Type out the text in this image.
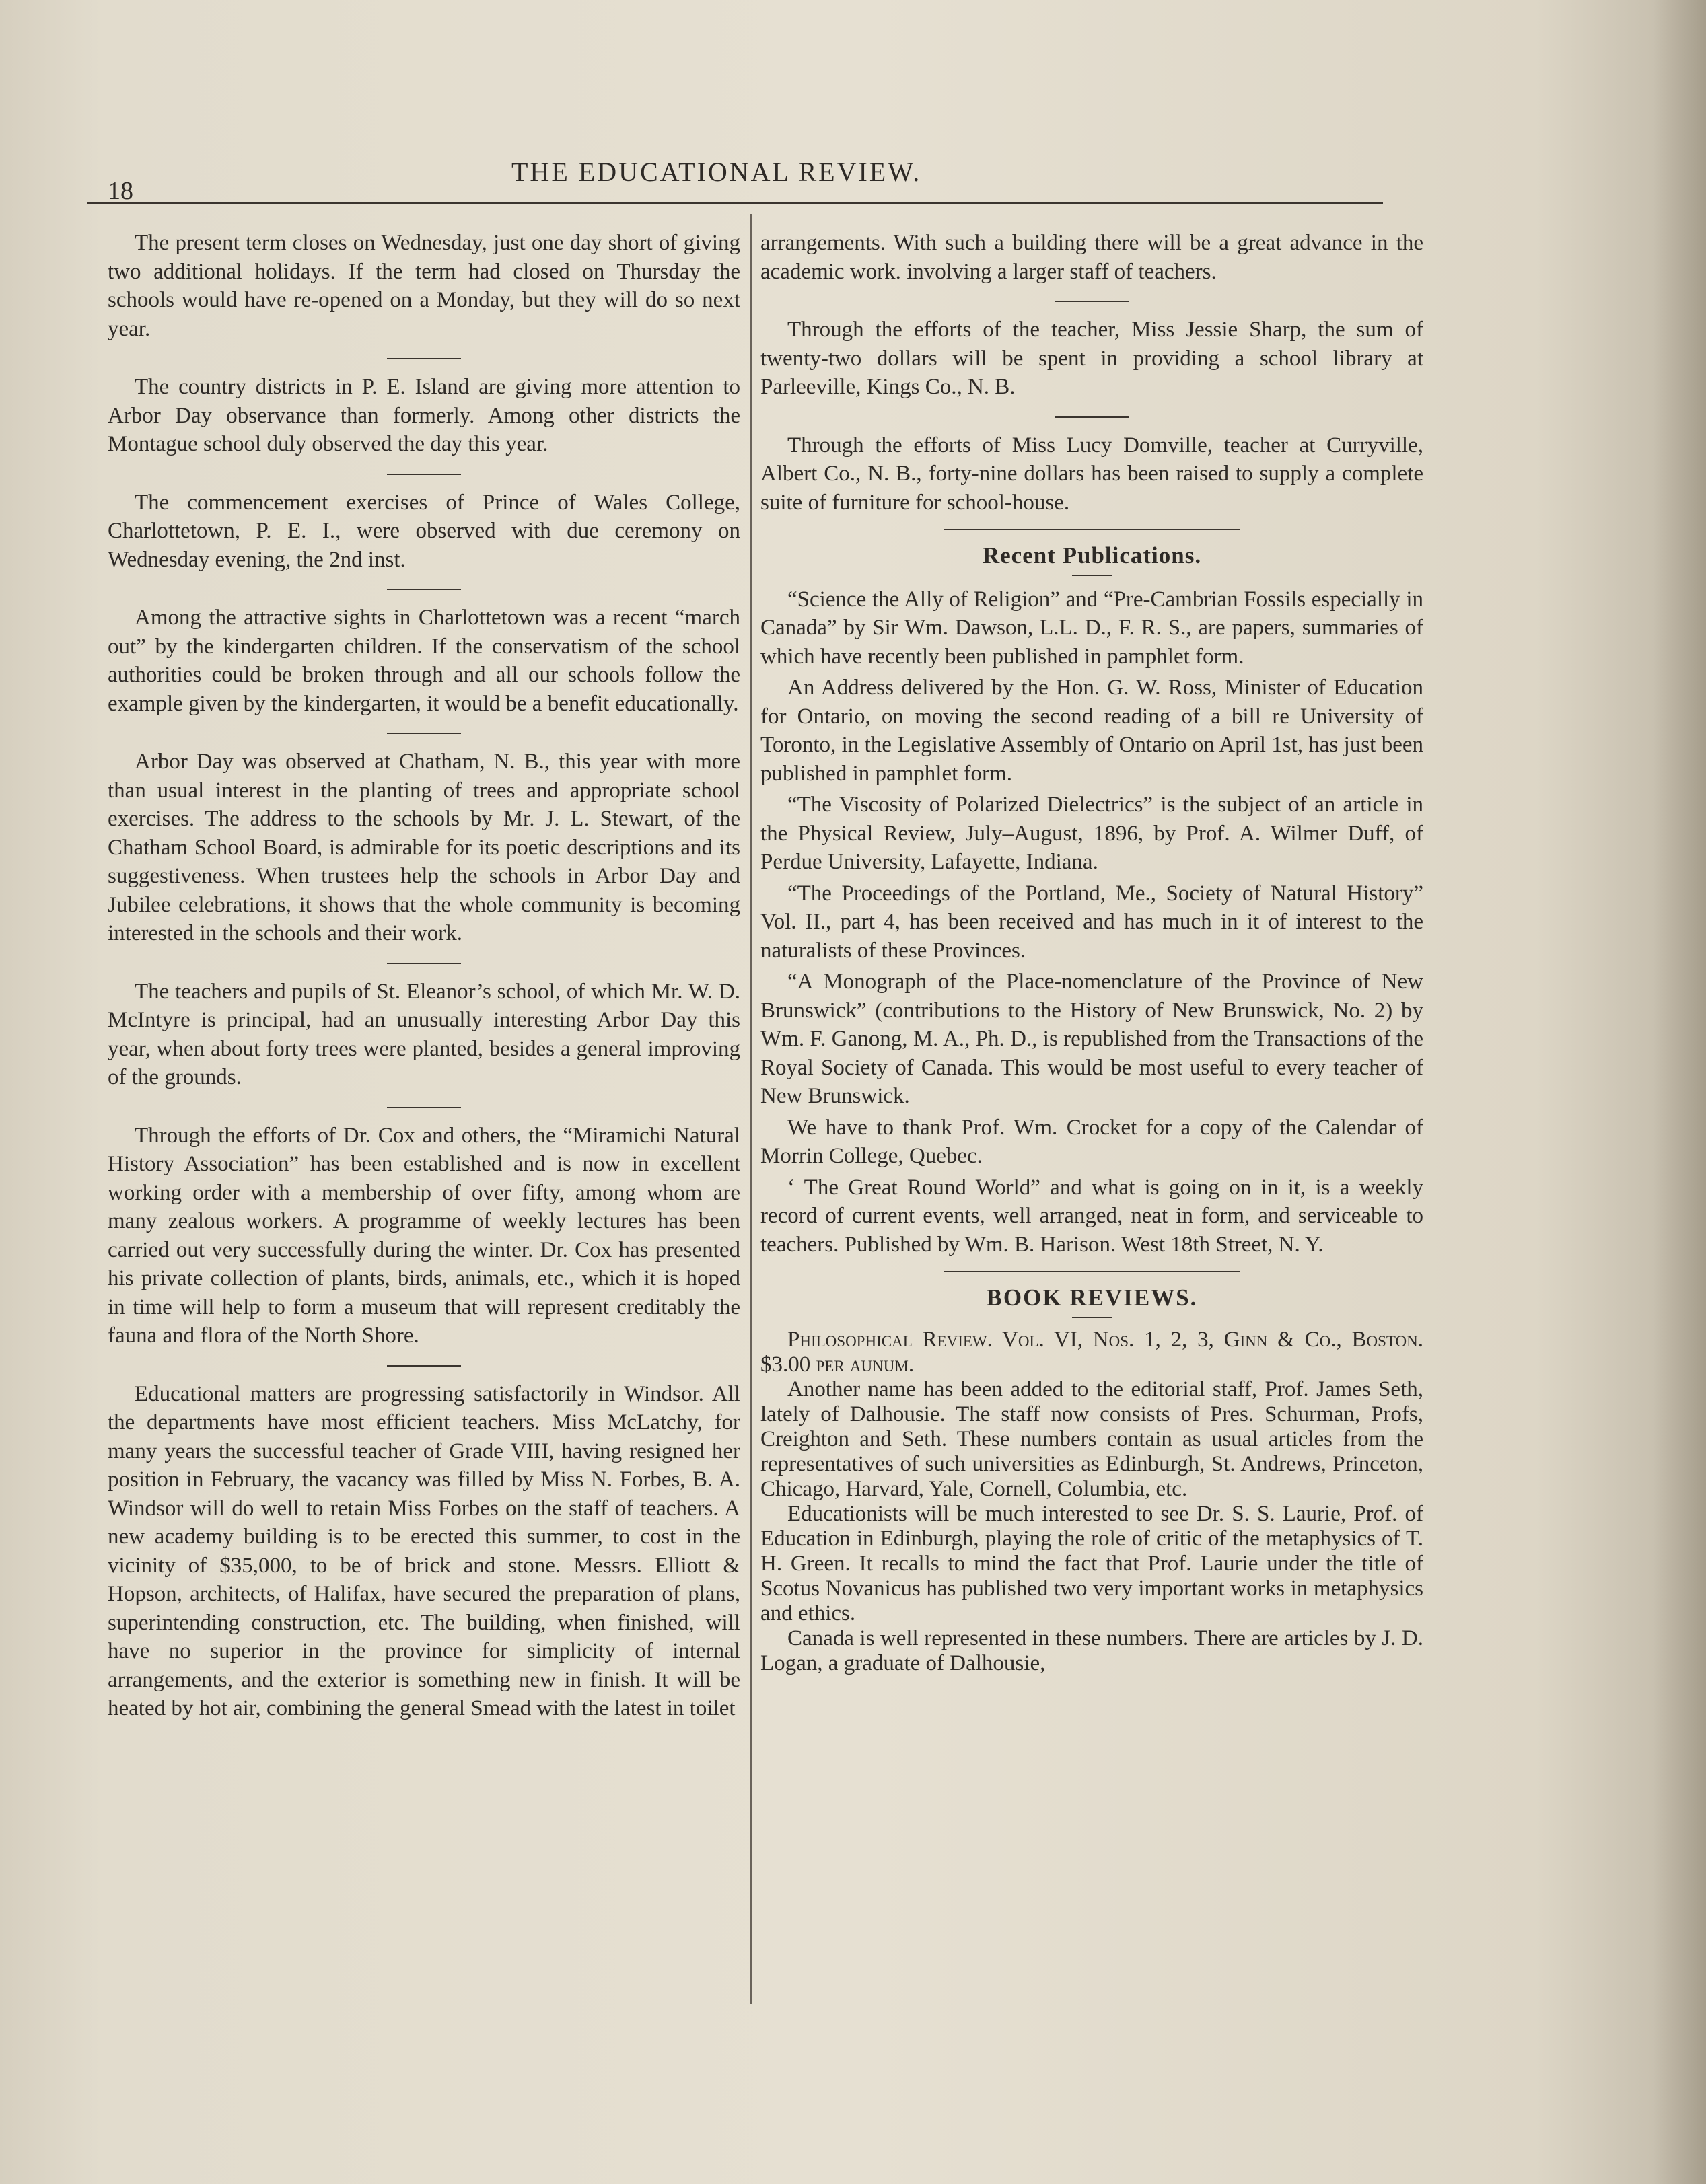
18
THE EDUCATIONAL REVIEW.

The present term closes on Wednesday, just one day short of giving two additional holidays. If the term had closed on Thursday the schools would have re-opened on a Monday, but they will do so next year.

The country districts in P. E. Island are giving more attention to Arbor Day observance than formerly. Among other districts the Montague school duly observed the day this year.

The commencement exercises of Prince of Wales College, Charlottetown, P. E. I., were observed with due ceremony on Wednesday evening, the 2nd inst.

Among the attractive sights in Charlottetown was a recent “march out” by the kindergarten children. If the conservatism of the school authorities could be broken through and all our schools follow the example given by the kindergarten, it would be a benefit educationally.

Arbor Day was observed at Chatham, N. B., this year with more than usual interest in the planting of trees and appropriate school exercises. The address to the schools by Mr. J. L. Stewart, of the Chatham School Board, is admirable for its poetic descriptions and its suggestiveness. When trustees help the schools in Arbor Day and Jubilee celebrations, it shows that the whole community is becoming interested in the schools and their work.

The teachers and pupils of St. Eleanor’s school, of which Mr. W. D. McIntyre is principal, had an unusually interesting Arbor Day this year, when about forty trees were planted, besides a general improving of the grounds.

Through the efforts of Dr. Cox and others, the “Miramichi Natural History Association” has been established and is now in excellent working order with a membership of over fifty, among whom are many zealous workers. A programme of weekly lectures has been carried out very successfully during the winter. Dr. Cox has presented his private collection of plants, birds, animals, etc., which it is hoped in time will help to form a museum that will represent creditably the fauna and flora of the North Shore.

Educational matters are progressing satisfactorily in Windsor. All the departments have most efficient teachers. Miss McLatchy, for many years the successful teacher of Grade VIII, having resigned her position in February, the vacancy was filled by Miss N. Forbes, B. A. Windsor will do well to retain Miss Forbes on the staff of teachers. A new academy building is to be erected this summer, to cost in the vicinity of $35,000, to be of brick and stone. Messrs. Elliott & Hopson, architects, of Halifax, have secured the preparation of plans, superintending construction, etc. The building, when finished, will have no superior in the province for simplicity of internal arrangements, and the exterior is something new in finish. It will be heated by hot air, combining the general Smead with the latest in toilet

arrangements. With such a building there will be a great advance in the academic work. involving a larger staff of teachers.

Through the efforts of the teacher, Miss Jessie Sharp, the sum of twenty-two dollars will be spent in providing a school library at Parleeville, Kings Co., N. B.

Through the efforts of Miss Lucy Domville, teacher at Curryville, Albert Co., N. B., forty-nine dollars has been raised to supply a complete suite of furniture for school-house.

Recent Publications.

“Science the Ally of Religion” and “Pre-Cambrian Fossils especially in Canada” by Sir Wm. Dawson, L.L. D., F. R. S., are papers, summaries of which have recently been published in pamphlet form.

An Address delivered by the Hon. G. W. Ross, Minister of Education for Ontario, on moving the second reading of a bill re University of Toronto, in the Legislative Assembly of Ontario on April 1st, has just been published in pamphlet form.

“The Viscosity of Polarized Dielectrics” is the subject of an article in the Physical Review, July–August, 1896, by Prof. A. Wilmer Duff, of Perdue University, Lafayette, Indiana.

“The Proceedings of the Portland, Me., Society of Natural History” Vol. II., part 4, has been received and has much in it of interest to the naturalists of these Provinces.

“A Monograph of the Place-nomenclature of the Province of New Brunswick” (contributions to the History of New Brunswick, No. 2) by Wm. F. Ganong, M. A., Ph. D., is republished from the Transactions of the Royal Society of Canada. This would be most useful to every teacher of New Brunswick.

We have to thank Prof. Wm. Crocket for a copy of the Calendar of Morrin College, Quebec.

‘ The Great Round World” and what is going on in it, is a weekly record of current events, well arranged, neat in form, and serviceable to teachers. Published by Wm. B. Harison. West 18th Street, N. Y.

BOOK REVIEWS.

Philosophical Review. Vol. VI, Nos. 1, 2, 3, Ginn & Co., Boston. $3.00 per aunum.

Another name has been added to the editorial staff, Prof. James Seth, lately of Dalhousie. The staff now consists of Pres. Schurman, Profs, Creighton and Seth. These numbers contain as usual articles from the representatives of such universities as Edinburgh, St. Andrews, Princeton, Chicago, Harvard, Yale, Cornell, Columbia, etc.

Educationists will be much interested to see Dr. S. S. Laurie, Prof. of Education in Edinburgh, playing the role of critic of the metaphysics of T. H. Green. It recalls to mind the fact that Prof. Laurie under the title of Scotus Novanicus has published two very important works in metaphysics and ethics.

Canada is well represented in these numbers. There are articles by J. D. Logan, a graduate of Dalhousie,
